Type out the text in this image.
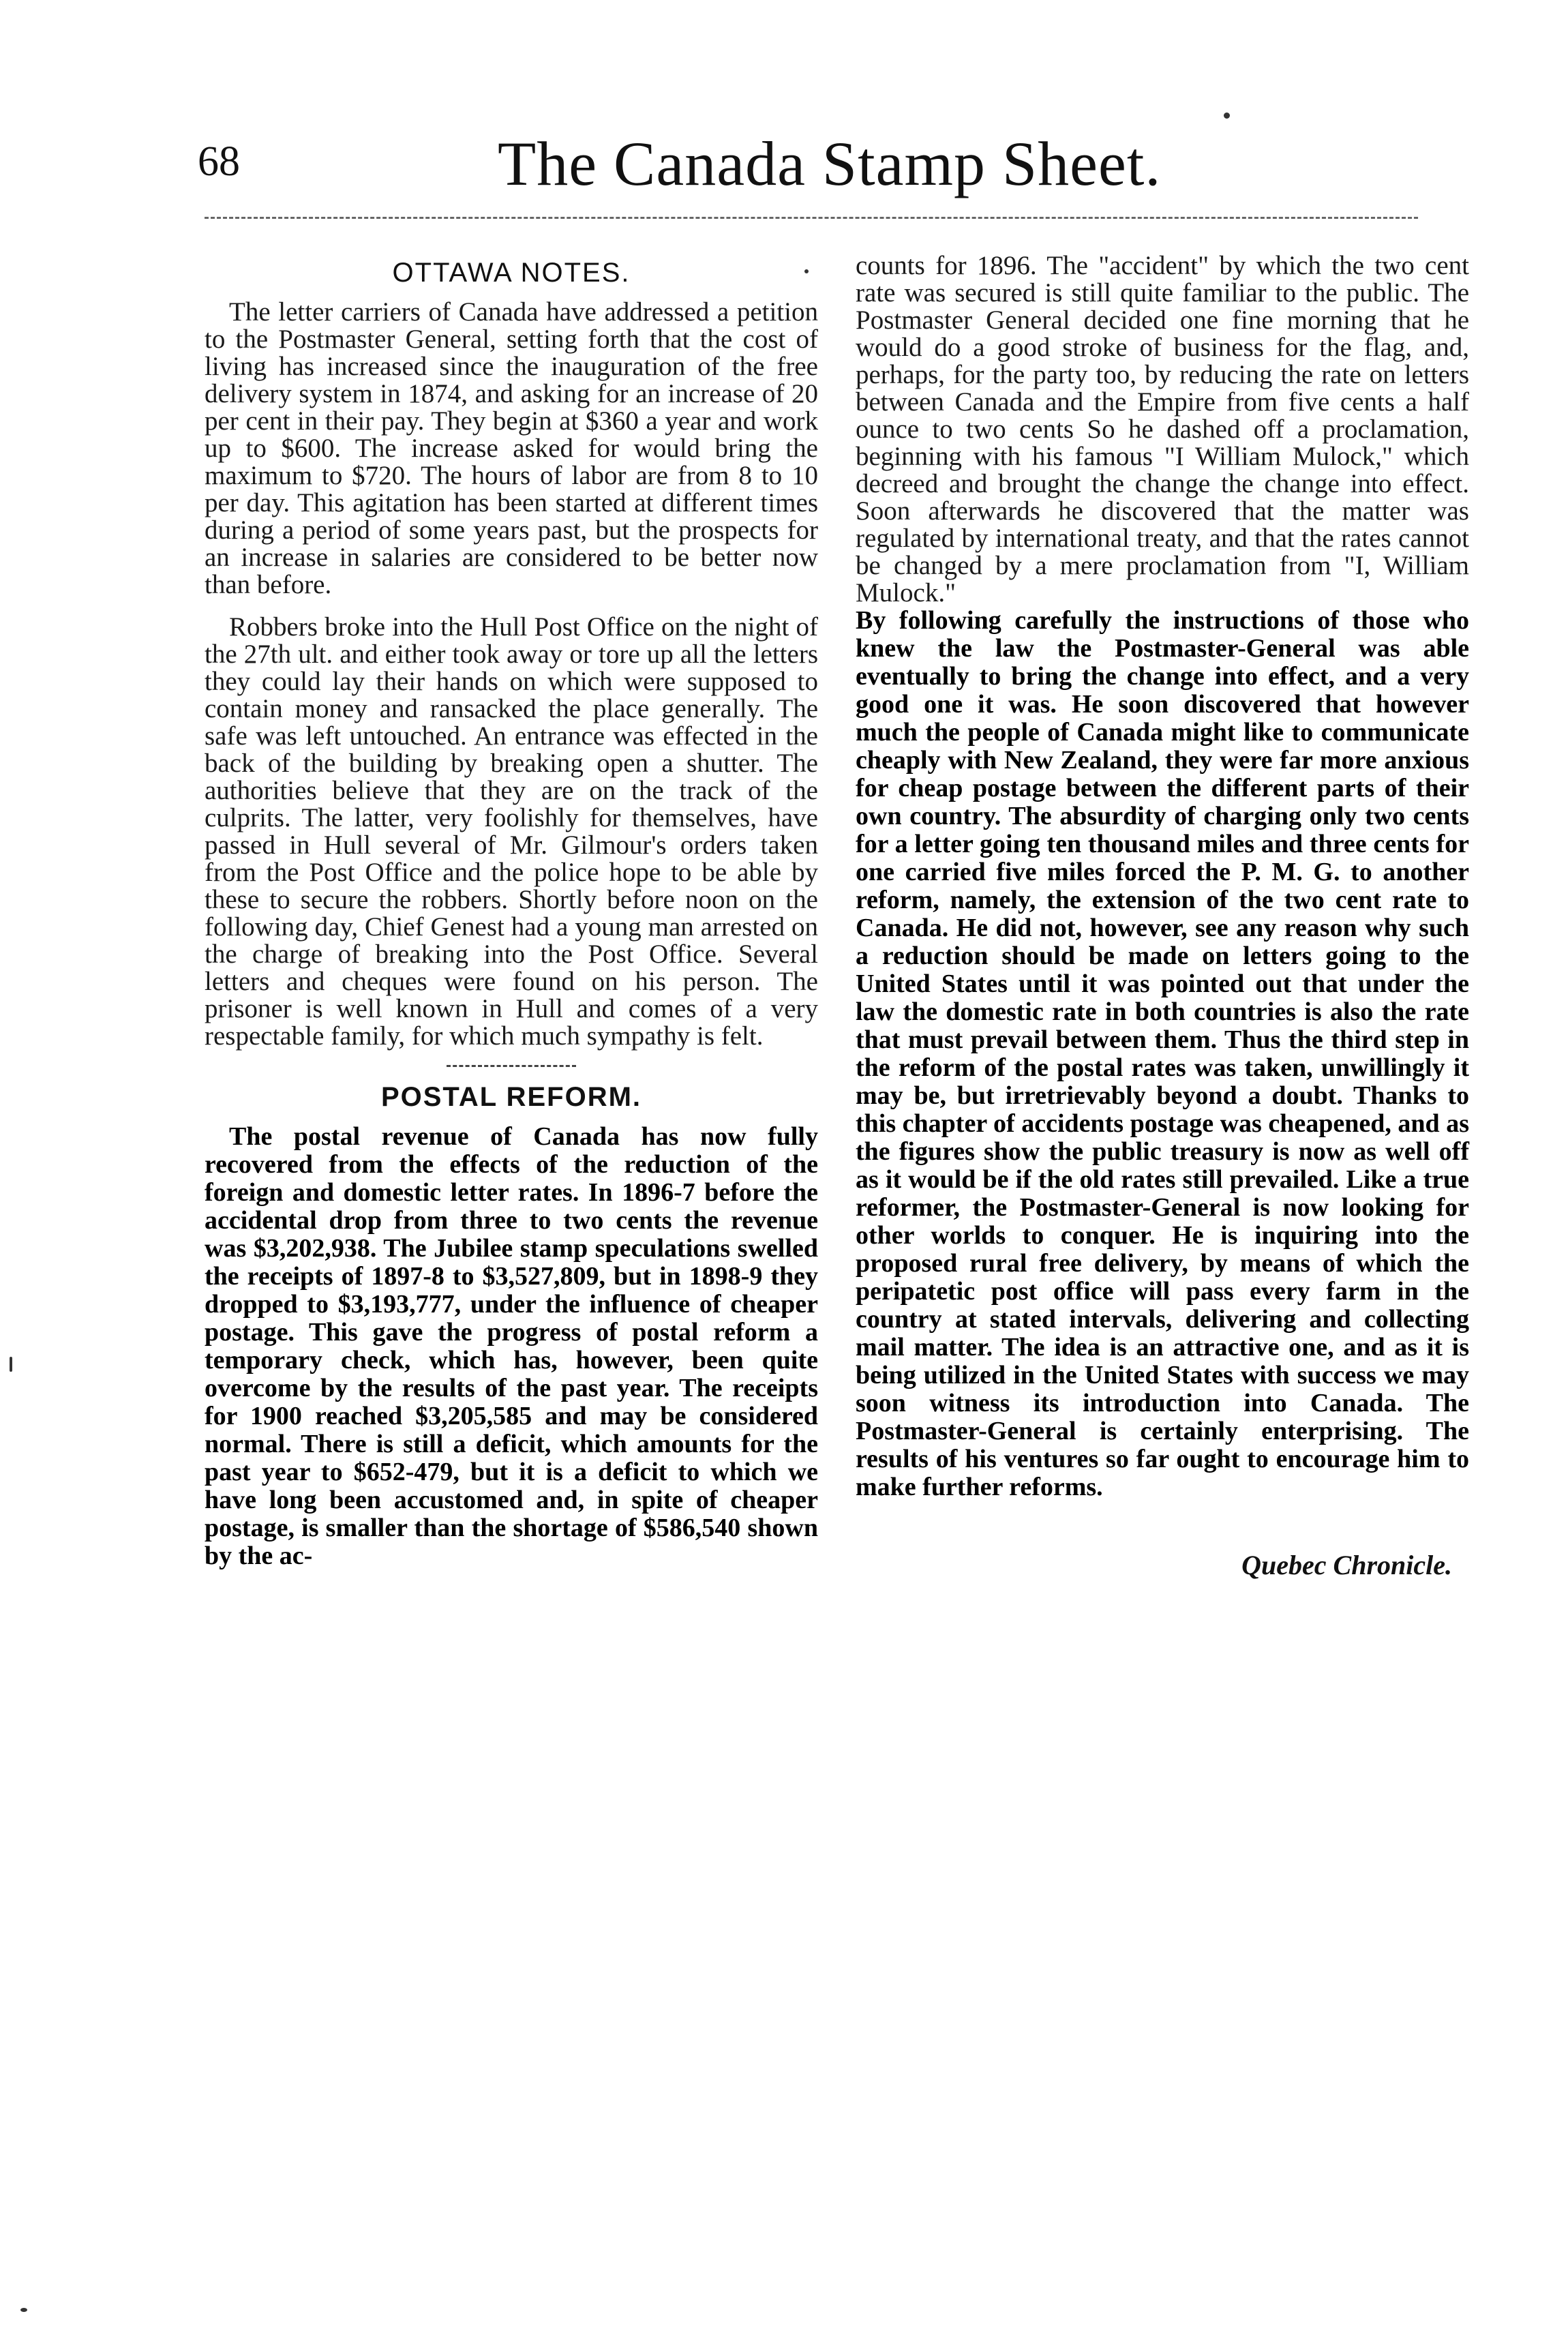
68	The Canada Stamp Sheet.
OTTAWA NOTES.

The letter carriers of Canada have addressed a petition to the Postmaster General, setting forth that the cost of living has increased since the inauguration of the free delivery system in 1874, and asking for an increase of 20 per cent in their pay. They begin at $360 a year and work up to $600. The increase asked for would bring the maximum to $720. The hours of labor are from 8 to 10 per day. This agitation has been started at different times during a period of some years past, but the prospects for an increase in salaries are considered to be better now than before.

Robbers broke into the Hull Post Office on the night of the 27th ult. and either took away or tore up all the letters they could lay their hands on which were supposed to contain money and ransacked the place generally. The safe was left untouched. An entrance was effected in the back of the building by breaking open a shutter. The authorities believe that they are on the track of the culprits. The latter, very foolishly for themselves, have passed in Hull several of Mr. Gilmour's orders taken from the Post Office and the police hope to be able by these to secure the robbers. Shortly before noon on the following day, Chief Genest had a young man arrested on the charge of breaking into the Post Office. Several letters and cheques were found on his person. The prisoner is well known in Hull and comes of a very respectable family, for which much sympathy is felt.

POSTAL REFORM.

The postal revenue of Canada has now fully recovered from the effects of the reduction of the foreign and domestic letter rates. In 1896-7 before the accidental drop from three to two cents the revenue was $3,202,938. The Jubilee stamp speculations swelled the receipts of 1897-8 to $3,527,809, but in 1898-9 they dropped to $3,193,777, under the influence of cheaper postage. This gave the progress of postal reform a temporary check, which has, however, been quite overcome by the results of the past year. The receipts for 1900 reached $3,205,585 and may be considered normal. There is still a deficit, which amounts for the past year to $652-479, but it is a deficit to which we have long been accustomed and, in spite of cheaper postage, is smaller than the shortage of $586,540 shown by the ac-

counts for 1896. The "accident" by which the two cent rate was secured is still quite familiar to the public. The Postmaster General decided one fine morning that he would do a good stroke of business for the flag, and, perhaps, for the party too, by reducing the rate on letters between Canada and the Empire from five cents a half ounce to two cents So he dashed off a proclamation, beginning with his famous "I William Mulock," which decreed and brought the change the change into effect. Soon afterwards he discovered that the matter was regulated by international treaty, and that the rates cannot be changed by a mere proclamation from "I, William Mulock."

By following carefully the instructions of those who knew the law the Postmaster-General was able eventually to bring the change into effect, and a very good one it was. He soon discovered that however much the people of Canada might like to communicate cheaply with New Zealand, they were far more anxious for cheap postage between the different parts of their own country. The absurdity of charging only two cents for a letter going ten thousand miles and three cents for one carried five miles forced the P. M. G. to another reform, namely, the extension of the two cent rate to Canada. He did not, however, see any reason why such a reduction should be made on letters going to the United States until it was pointed out that under the law the domestic rate in both countries is also the rate that must prevail between them. Thus the third step in the reform of the postal rates was taken, unwillingly it may be, but irretrievably beyond a doubt. Thanks to this chapter of accidents postage was cheapened, and as the figures show the public treasury is now as well off as it would be if the old rates still prevailed. Like a true reformer, the Postmaster-General is now looking for other worlds to conquer. He is inquiring into the proposed rural free delivery, by means of which the peripatetic post office will pass every farm in the country at stated intervals, delivering and collecting mail matter. The idea is an attractive one, and as it is being utilized in the United States with success we may soon witness its introduction into Canada. The Postmaster-General is certainly enterprising. The results of his ventures so far ought to encourage him to make further reforms.

Quebec Chronicle.
